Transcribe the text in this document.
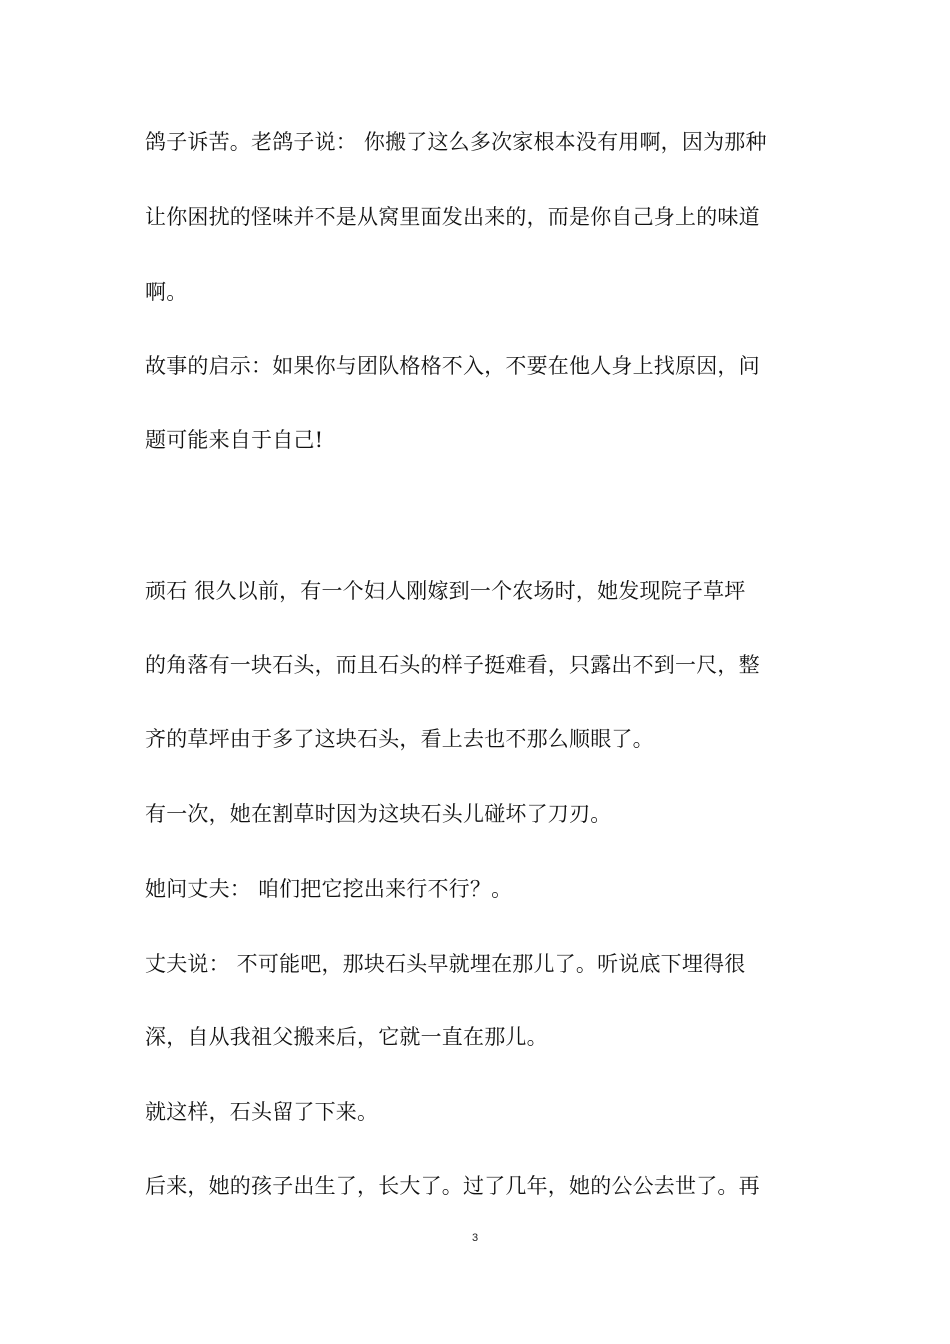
鸽子诉苦。老鸽子说： 你搬了这么多次家根本没有用啊，因为那种
让你困扰的怪味并不是从窝里面发出来的，而是你自己身上的味道
啊。
故事的启示：如果你与团队格格不入，不要在他人身上找原因，问
题可能来自于自己!
顽石 很久以前，有一个妇人刚嫁到一个农场时，她发现院子草坪
的角落有一块石头，而且石头的样子挺难看，只露出不到一尺，整
齐的草坪由于多了这块石头，看上去也不那么顺眼了。
有一次，她在割草时因为这块石头儿碰坏了刀刃。
她问丈夫： 咱们把它挖出来行不行？。
丈夫说： 不可能吧，那块石头早就埋在那儿了。听说底下埋得很
深，自从我祖父搬来后，它就一直在那儿。
就这样，石头留了下来。
后来，她的孩子出生了，长大了。过了几年，她的公公去世了。再
3
